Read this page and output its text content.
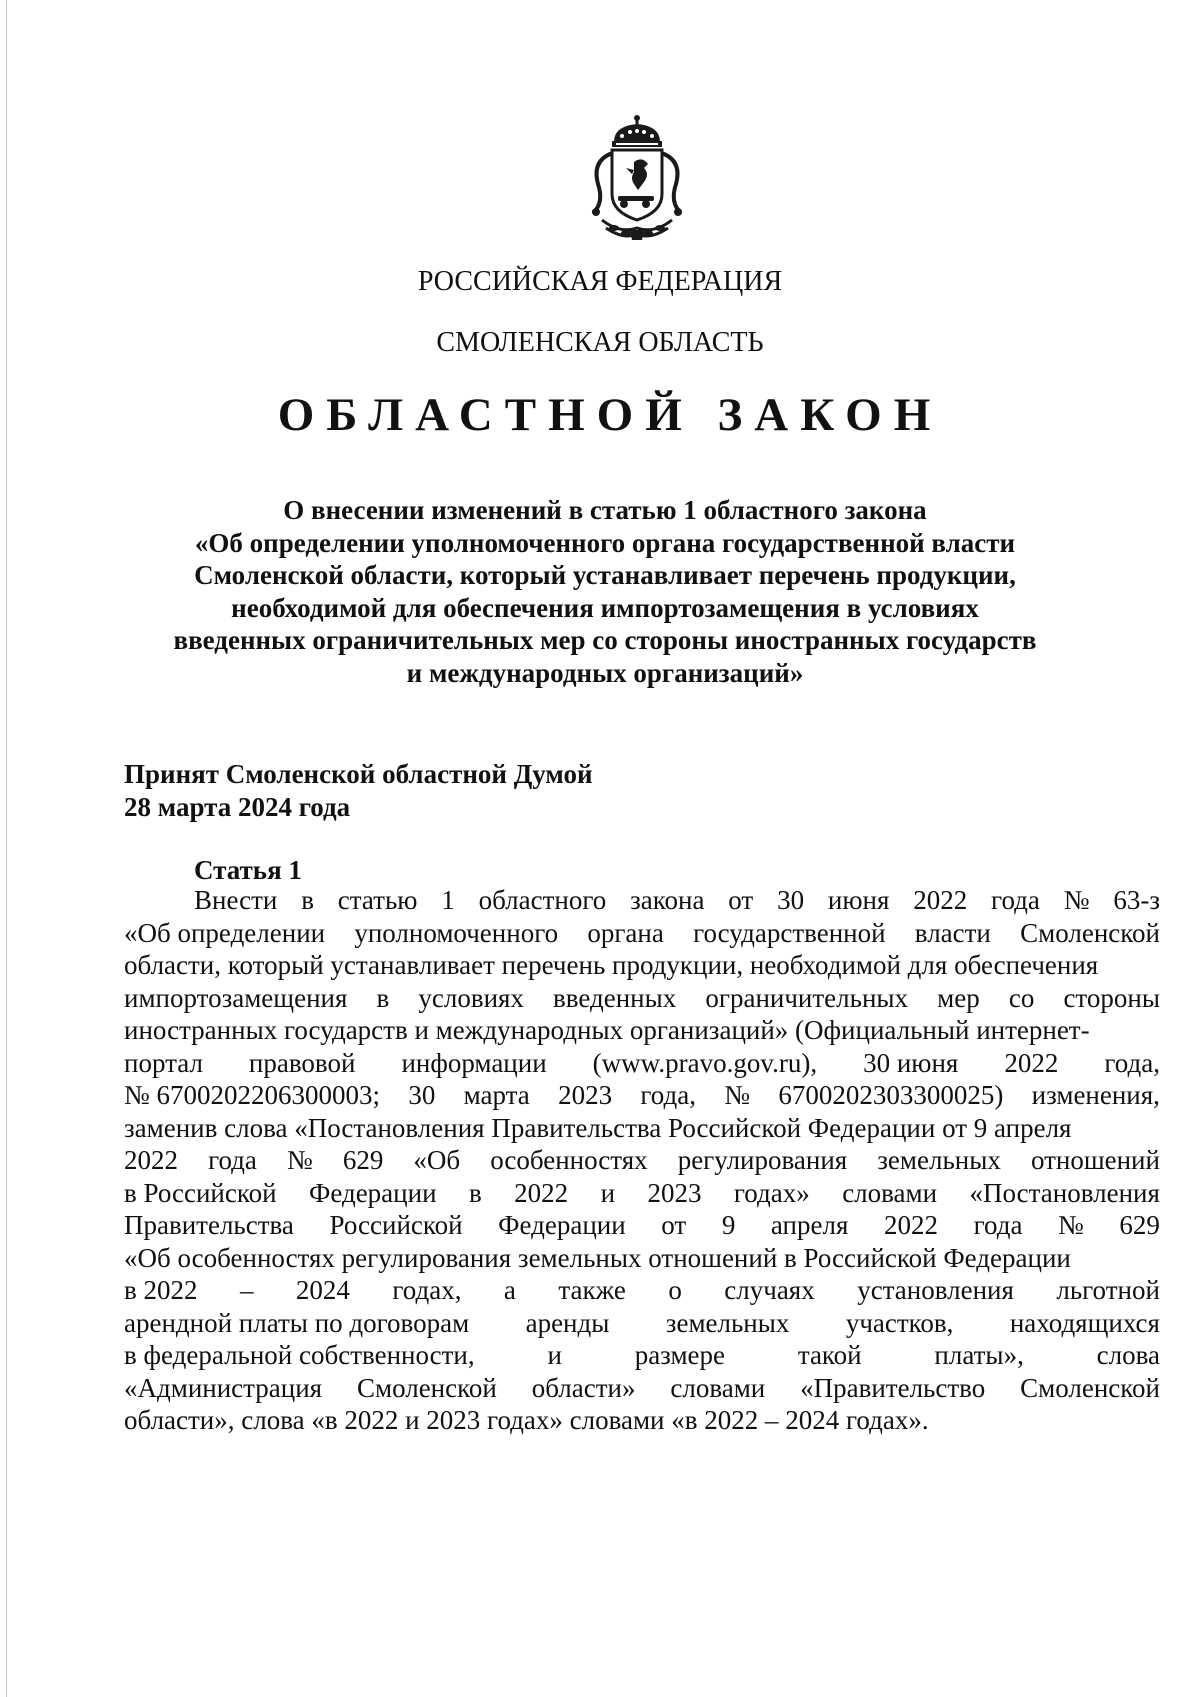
РОССИЙСКАЯ ФЕДЕРАЦИЯ
СМОЛЕНСКАЯ ОБЛАСТЬ
ОБЛАСТНОЙ ЗАКОН
О внесении изменений в статью 1 областного закона
«Об определении уполномоченного органа государственной власти
Смоленской области, который устанавливает перечень продукции,
необходимой для обеспечения импортозамещения в условиях
введенных ограничительных мер со стороны иностранных государств
и международных организаций»
Принят Смоленской областной Думой
28 марта 2024 года
Статья 1
Внести в статью 1 областного закона от 30 июня 2022 года № 63-з
«Об определении уполномоченного органа государственной власти Смоленской
области, который устанавливает перечень продукции, необходимой для обеспечения
импортозамещения в условиях введенных ограничительных мер со стороны
иностранных государств и международных организаций» (Официальный интернет-
портал правовой информации (www.pravo.gov.ru), 30 июня 2022 года,
№ 6700202206300003; 30 марта 2023 года, № 6700202303300025) изменения,
заменив слова «Постановления Правительства Российской Федерации от 9 апреля
2022 года № 629 «Об особенностях регулирования земельных отношений
в Российской Федерации в 2022 и 2023 годах» словами «Постановления
Правительства Российской Федерации от 9 апреля 2022 года № 629
«Об особенностях регулирования земельных отношений в Российской Федерации
в 2022 – 2024 годах, а также о случаях установления льготной
арендной платы по договорам аренды земельных участков, находящихся
в федеральной собственности,	и	размере	такой	платы»,	слова
«Администрация Смоленской области» словами «Правительство Смоленской
области», слова «в 2022 и 2023 годах» словами «в 2022 – 2024 годах».
